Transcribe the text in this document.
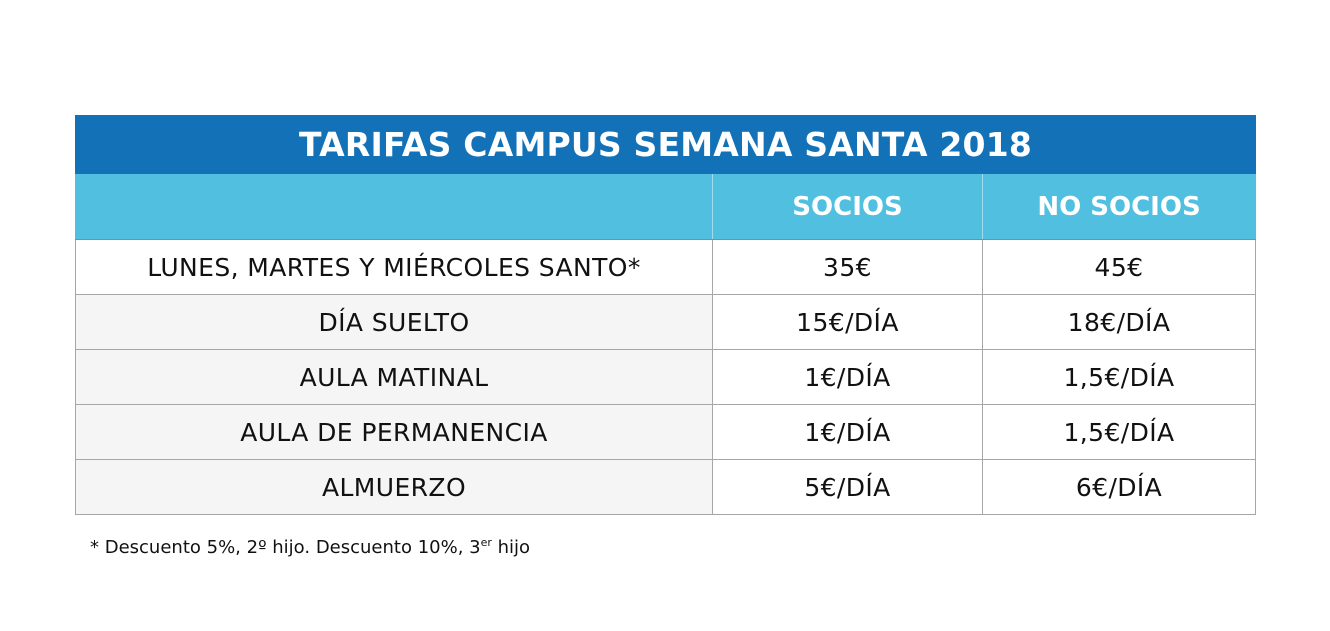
TARIFAS CAMPUS SEMANA SANTA 2018		
	SOCIOS	NO SOCIOS
LUNES, MARTES Y MIÉRCOLES SANTO*	35€	45€
DÍA SUELTO	15€/DÍA	18€/DÍA
AULA MATINAL	1€/DÍA	1,5€/DÍA
AULA DE PERMANENCIA	1€/DÍA	1,5€/DÍA
ALMUERZO	5€/DÍA	6€/DÍA
* Descuento 5%, 2º hijo. Descuento 10%, 3er hijo
